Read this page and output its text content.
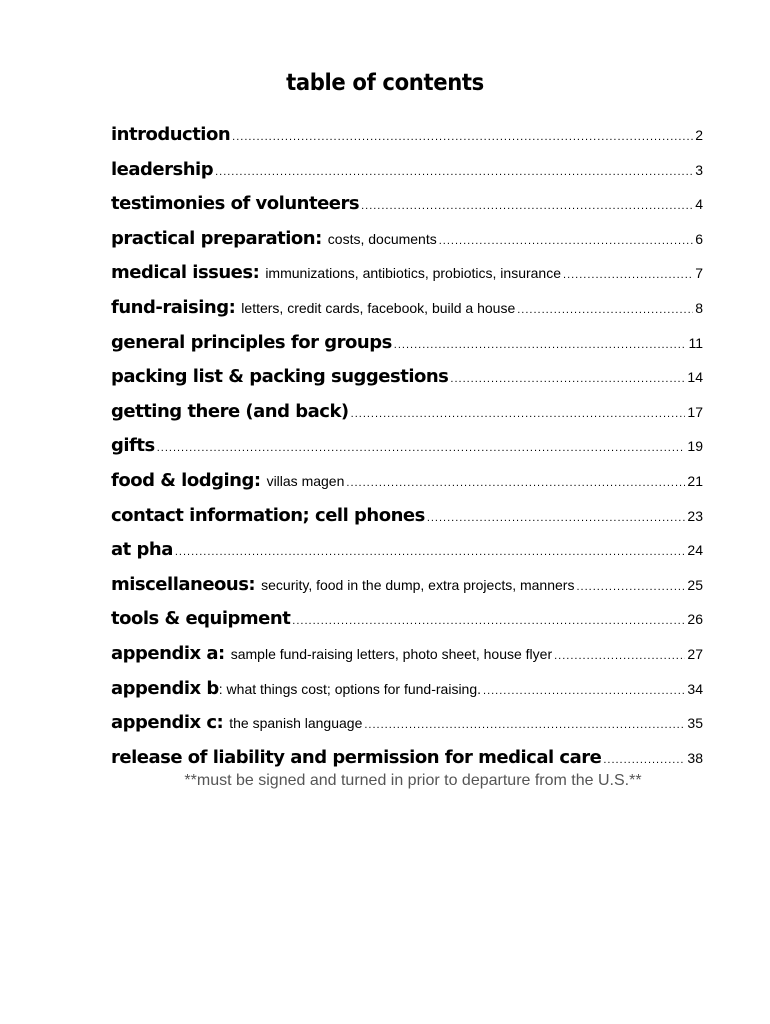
table of contents
introduction .....	2
leadership .....	3
testimonies of volunteers .....	4
practical preparation: costs, documents .....	6
medical issues: immunizations, antibiotics, probiotics, insurance .....	7
fund-raising: letters, credit cards, facebook, build a house .....	8
general principles for groups .....	11
packing list & packing suggestions .....	14
getting there (and back) .....	17
gifts .....	19
food & lodging: villas magen .....	21
contact information; cell phones .....	23
at pha .....	24
miscellaneous: security, food in the dump, extra projects, manners .....	25
tools & equipment .....	26
appendix a: sample fund-raising letters, photo sheet, house flyer .....	27
appendix b : what things cost; options for fund-raising. .....	34
appendix c: the spanish language .....	35
release of liability and permission for medical care .....	38
**must be signed and turned in prior to departure from the U.S.**
